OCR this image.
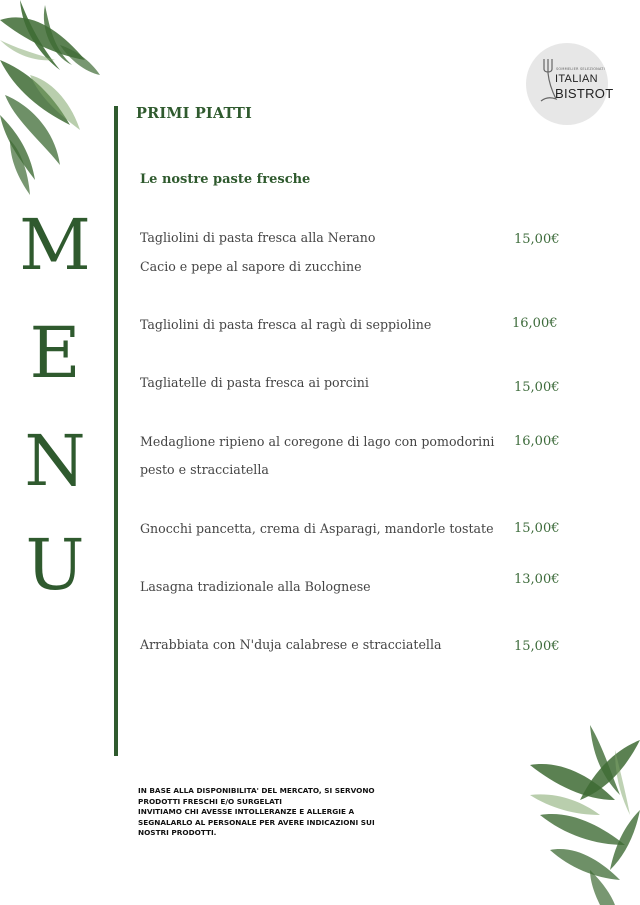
SOMMELIER SELEZIONATI
ITALIAN
BISTROT
M
E
N
U
PRIMI PIATTI
Le nostre paste fresche
Tagliolini di pasta fresca alla Nerano
Cacio e pepe al sapore di zucchine
15,00€
Tagliolini di pasta fresca al ragù di seppioline	16,00€
Tagliatelle di pasta fresca ai porcini	15,00€
Medaglione ripieno al coregone di lago con pomodorini
pesto e stracciatella
16,00€
Gnocchi pancetta, crema di Asparagi, mandorle tostate 15,00€
Lasagna tradizionale alla Bolognese	13,00€
Arrabbiata con N'duja calabrese e stracciatella	15,00€
IN BASE ALLA DISPONIBILITA' DEL MERCATO, SI SERVONO
PRODOTTI FRESCHI E/O SURGELATI
INVITIAMO CHI AVESSE INTOLLERANZE E ALLERGIE A
SEGNALARLO AL PERSONALE PER AVERE INDICAZIONI SUI
NOSTRI PRODOTTI.
